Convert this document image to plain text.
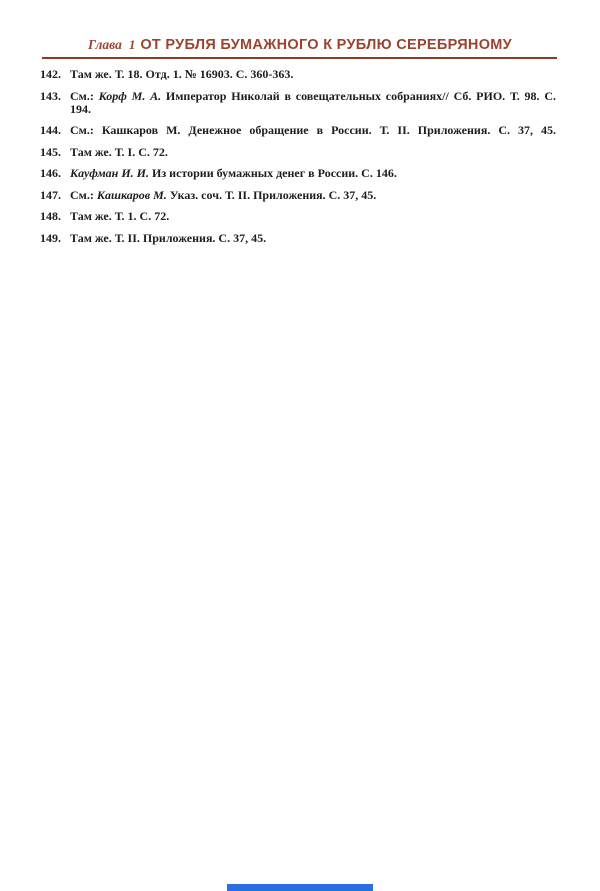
Глава 1 ОТ РУБЛЯ БУМАЖНОГО К РУБЛЮ СЕРЕБРЯНОМУ
142. Там же. Т. 18. Отд. 1. № 16903. С. 360-363.
143. См.: Корф М. А. Император Николай в совещательных собраниях// Сб. РИО. Т. 98. С. 194.
144. См.: Кашкаров М. Денежное обращение в России. Т. II. Приложения. С. 37, 45.
145. Там же. Т. I. С. 72.
146. Кауфман И. И. Из истории бумажных денег в России. С. 146.
147. См.: Кашкаров М. Указ. соч. Т. II. Приложения. С. 37, 45.
148. Там же. Т. 1. С. 72.
149. Там же. Т. II. Приложения. С. 37, 45.
